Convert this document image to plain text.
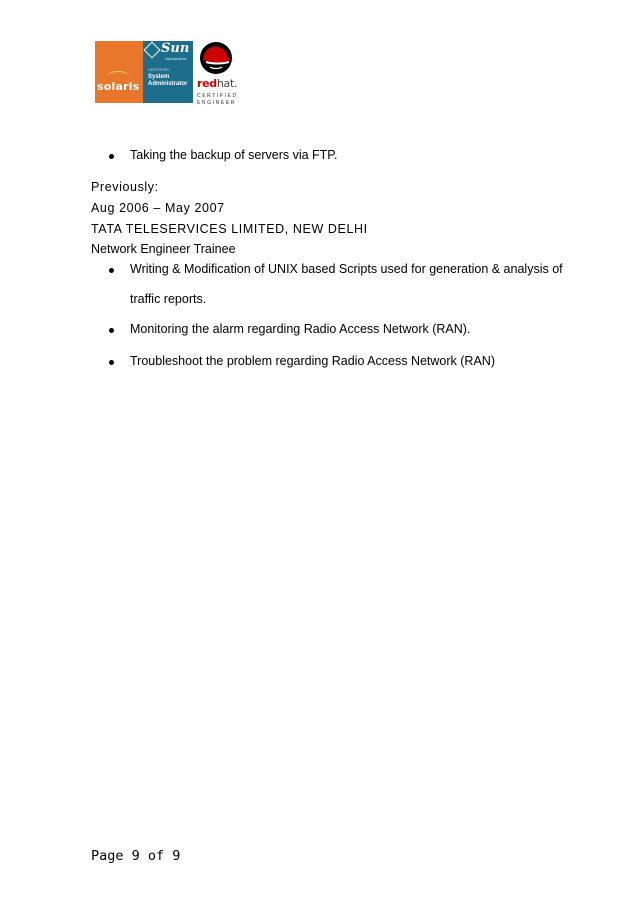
solaris
Sun
microsystems
CERTIFIED
System Administrator redhat.
CERTIFIED
ENGINEER
Taking the backup of servers via FTP.
Previously:
Aug 2006 – May 2007
TATA TELESERVICES LIMITED, NEW DELHI
Network Engineer Trainee
Writing & Modification of UNIX based Scripts used for generation & analysis of
traffic reports.
Monitoring the alarm regarding Radio Access Network (RAN).
Troubleshoot the problem regarding Radio Access Network (RAN)
Page 9 of 9
